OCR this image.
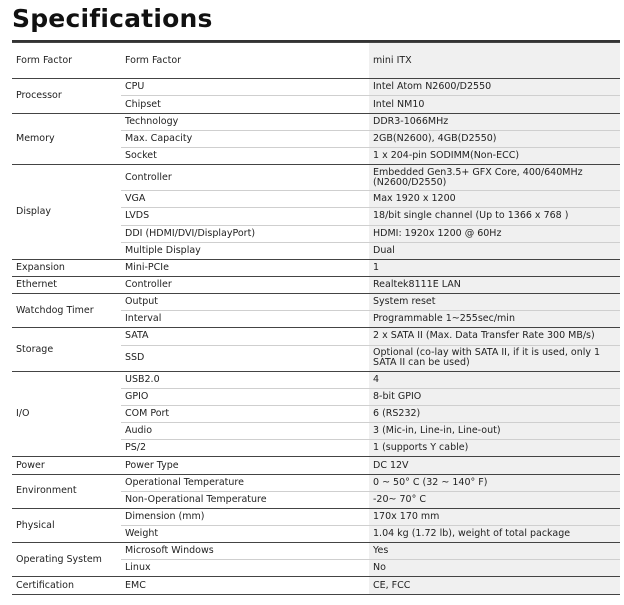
Specifications
Form Factor	Form Factor	mini ITX
Processor	CPU	Intel Atom N2600/D2550
	Chipset	Intel NM10
Memory	Technology	DDR3-1066MHz
	Max. Capacity	2GB(N2600), 4GB(D2550)
	Socket	1 x 204-pin SODIMM(Non-ECC)
Display	Controller	Embedded Gen3.5+ GFX Core, 400/640MHz (N2600/D2550)
	VGA	Max 1920 x 1200
	LVDS	18/bit single channel (Up to 1366 x 768 )
	DDI (HDMI/DVI/DisplayPort)	HDMI: 1920x 1200 @ 60Hz
	Multiple Display	Dual
Expansion	Mini-PCIe	1
Ethernet	Controller	Realtek8111E LAN
Watchdog Timer	Output	System reset
	Interval	Programmable 1~255sec/min
Storage	SATA	2 x SATA II (Max. Data Transfer Rate 300 MB/s)
	SSD	Optional (co-lay with SATA II, if it is used, only 1 SATA II can be used)
I/O	USB2.0	4
	GPIO	8-bit GPIO
	COM Port	6 (RS232)
	Audio	3 (Mic-in, Line-in, Line-out)
	PS/2	1 (supports Y cable)
Power	Power Type	DC 12V
Environment	Operational Temperature	0 ~ 50° C (32 ~ 140° F)
	Non-Operational Temperature	-20~ 70° C
Physical	Dimension (mm)	170x 170 mm
	Weight	1.04 kg (1.72 lb), weight of total package
Operating System	Microsoft Windows	Yes
	Linux	No
Certification	EMC	CE, FCC
